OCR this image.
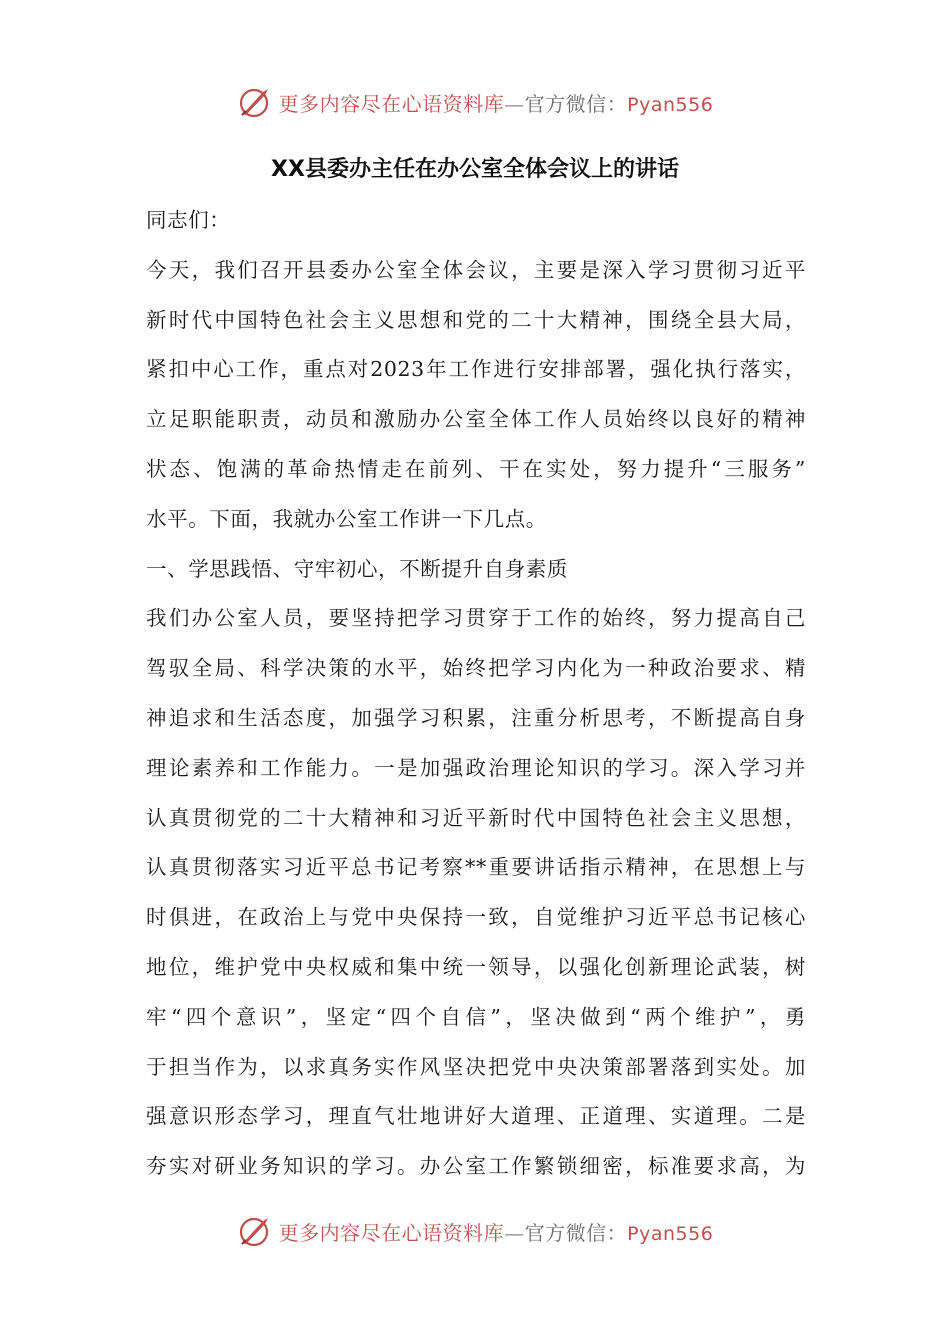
更多内容尽在心语资料库—官方微信：Pyan556
XX县委办主任在办公室全体会议上的讲话
同志们：
今天，我们召开县委办公室全体会议，主要是深入学习贯彻习近平
新时代中国特色社会主义思想和党的二十大精神，围绕全县大局，
紧扣中心工作，重点对2023年工作进行安排部署，强化执行落实，
立足职能职责，动员和激励办公室全体工作人员始终以良好的精神
状态、饱满的革命热情走在前列、干在实处，努力提升“三服务”
水平。下面，我就办公室工作讲一下几点。
一、学思践悟、守牢初心，不断提升自身素质
我们办公室人员，要坚持把学习贯穿于工作的始终，努力提高自己
驾驭全局、科学决策的水平，始终把学习内化为一种政治要求、精
神追求和生活态度，加强学习积累，注重分析思考，不断提高自身
理论素养和工作能力。一是加强政治理论知识的学习。深入学习并
认真贯彻党的二十大精神和习近平新时代中国特色社会主义思想，
认真贯彻落实习近平总书记考察**重要讲话指示精神，在思想上与
时俱进，在政治上与党中央保持一致，自觉维护习近平总书记核心
地位，维护党中央权威和集中统一领导，以强化创新理论武装，树
牢“四个意识”，坚定“四个自信”，坚决做到“两个维护”，勇
于担当作为，以求真务实作风坚决把党中央决策部署落到实处。加
强意识形态学习，理直气壮地讲好大道理、正道理、实道理。二是
夯实对研业务知识的学习。办公室工作繁锁细密，标准要求高，为
更多内容尽在心语资料库—官方微信：Pyan556
